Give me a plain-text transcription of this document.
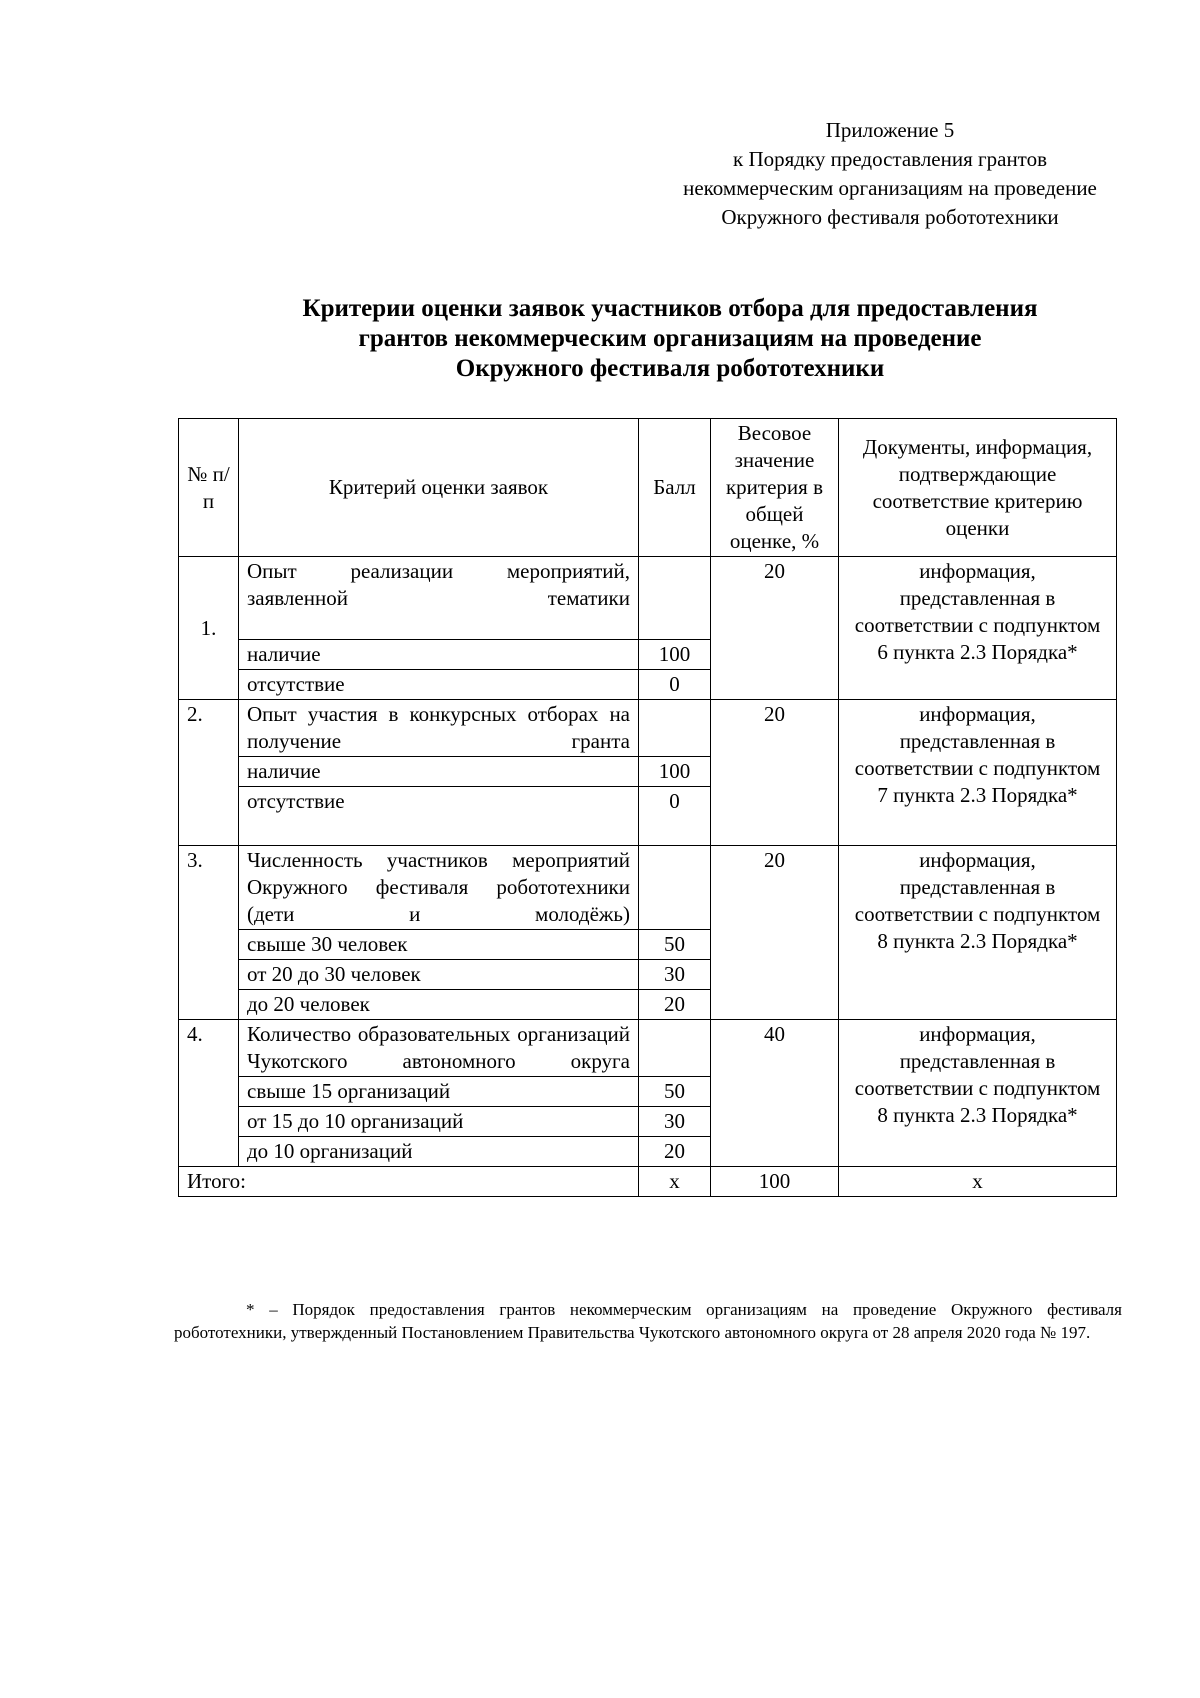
Приложение 5
к Порядку предоставления грантов
некоммерческим организациям на проведение
Окружного фестиваля робототехники
Критерии оценки заявок участников отбора для предоставления
грантов некоммерческим организациям на проведение
Окружного фестиваля робототехники
№ п/п	Критерий оценки заявок	Балл	Весовое значение критерия в общей оценке, %	Документы, информация, подтверждающие соответствие критерию оценки
1.	Опыт реализации мероприятий, заявленной тематики		20	информация, представленная в соответствии с подпунктом 6 пункта 2.3 Порядка*
	наличие	100		
	отсутствие	0		
2.	Опыт участия в конкурсных отборах на получение гранта		20	информация, представленная в соответствии с подпунктом 7 пункта 2.3 Порядка*
	наличие	100		
	отсутствие	0		
3.	Численность участников мероприятий Окружного фестиваля робототехники (дети и молодёжь)		20	информация, представленная в соответствии с подпунктом 8 пункта 2.3 Порядка*
	свыше 30 человек	50		
	от 20 до 30 человек	30		
	до 20 человек	20		
4.	Количество образовательных организаций Чукотского автономного округа		40	информация, представленная в соответствии с подпунктом 8 пункта 2.3 Порядка*
	свыше 15 организаций	50		
	от 15 до 10 организаций	30		
	до 10 организаций	20		
Итого:		х	100	х
* – Порядок предоставления грантов некоммерческим организациям на проведение Окружного фестиваля робототехники, утвержденный Постановлением Правительства Чукотского автономного округа от 28 апреля 2020 года № 197.
